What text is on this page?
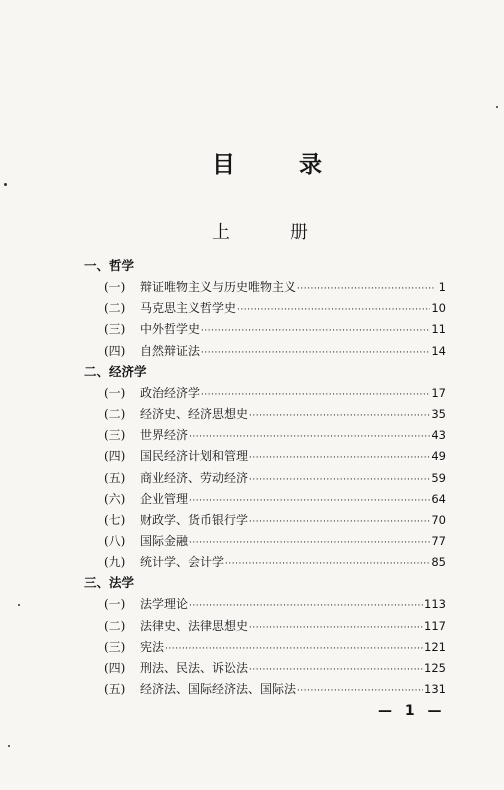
目	录
上	册
一、哲学
(一)	辩证唯物主义与历史唯物主义 ·····	1
(二)	马克思主义哲学史 ·····	10
(三)	中外哲学史 ·····	11
(四)	自然辩证法 ·····	14
二、经济学
(一)	政治经济学 ·····	17
(二)	经济史、经济思想史 ·····	35
(三)	世界经济 ·····	43
(四)	国民经济计划和管理 ·····	49
(五)	商业经济、劳动经济 ·····	59
(六)	企业管理 ·····	64
(七)	财政学、货币银行学 ·····	70
(八)	国际金融 ·····	77
(九)	统计学、会计学 ·····	85
三、法学
(一)	法学理论 ·····	113
(二)	法律史、法律思想史 ·····	117
(三)	宪法 ·····	121
(四)	刑法、民法、诉讼法 ·····	125
(五)	经济法、国际经济法、国际法 ·····	131
— 1 —
